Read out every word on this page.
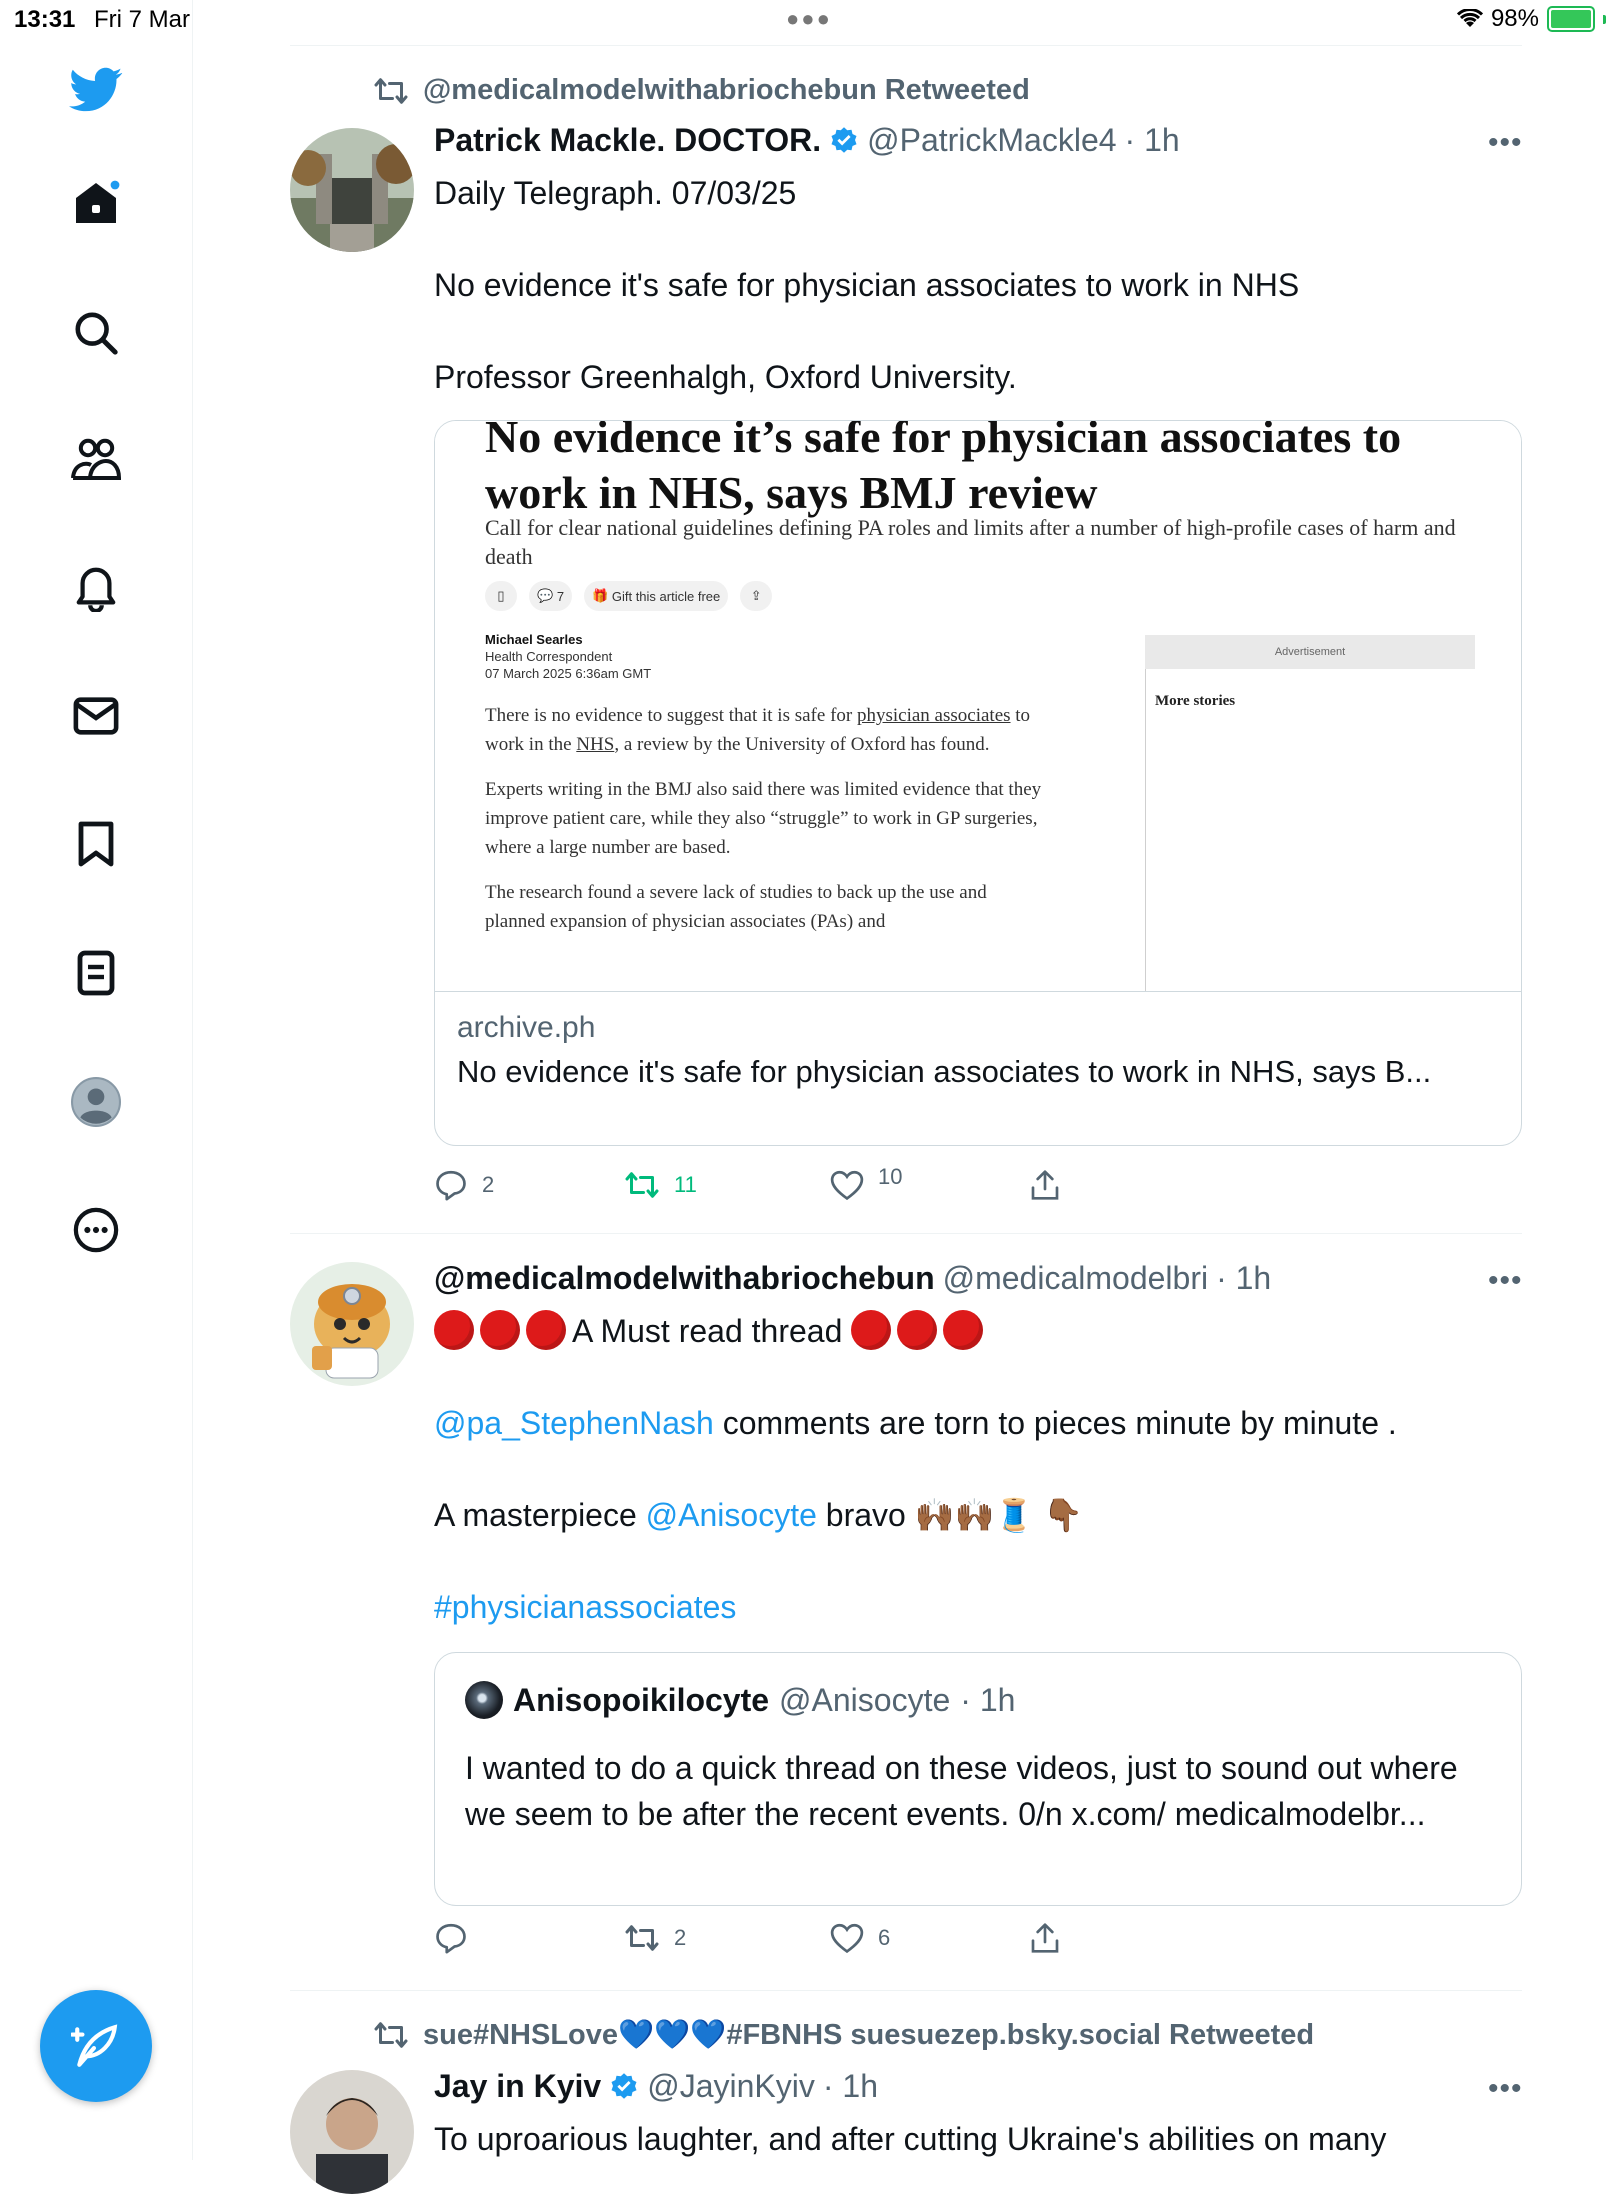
13:31 Fri 7 Mar	●●●	98%
@medicalmodelwithabriochebun Retweeted
Patrick Mackle. DOCTOR. @PatrickMackle4 · 1h	•••

Daily Telegraph. 07/03/25

No evidence it's safe for physician associates to work in NHS

Professor Greenhalgh, Oxford University.

No evidence it’s safe for physician associates to work in NHS, says BMJ review
Call for clear national guidelines defining PA roles and limits after a number of high-profile cases of harm and death
▯	💬 7	🎁 Gift this article free	⇪
Michael Searles
Health Correspondent
07 March 2025 6:36am GMT

There is no evidence to suggest that it is safe for physician associates to work in the NHS, a review by the University of Oxford has found.

Experts writing in the BMJ also said there was limited evidence that they improve patient care, while they also “struggle” to work in GP surgeries, where a large number are based.

The research found a severe lack of studies to back up the use and planned expansion of physician associates (PAs) and

Advertisement
More stories
archive.ph
No evidence it's safe for physician associates to work in NHS, says B...
2	11	10
@medicalmodelwithabriochebun @medicalmodelbri · 1h	•••

A Must read thread

@pa_StephenNash comments are torn to pieces minute by minute .

A masterpiece @Anisocyte bravo 🙌🏾🙌🏾🧵 👇🏾

#physicianassociates

Anisopoikilocyte @Anisocyte · 1h
I wanted to do a quick thread on these videos, just to sound out where we seem to be after the recent events. 0/n x.com/ medicalmodelbr...
2	6
sue#NHSLove💙💙💙#FBNHS suesuezep.bsky.social Retweeted
Jay in Kyiv @JayinKyiv · 1h	•••

To uproarious laughter, and after cutting Ukraine's abilities on many
